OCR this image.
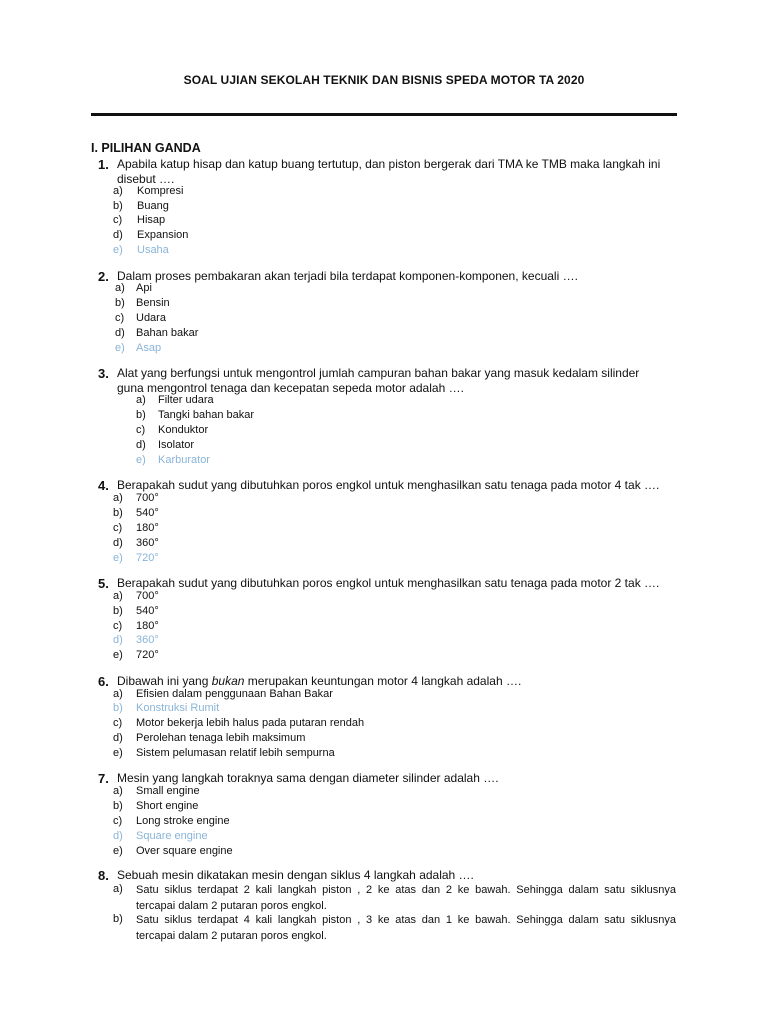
SOAL UJIAN SEKOLAH TEKNIK DAN BISNIS SPEDA MOTOR TA 2020
I. PILIHAN GANDA
1. Apabila katup hisap dan katup buang tertutup, dan piston bergerak dari TMA ke TMB maka langkah ini disebut ….
a) Kompresi
b) Buang
c) Hisap
d) Expansion
e) Usaha
2. Dalam proses pembakaran akan terjadi bila terdapat komponen-komponen, kecuali ….
a) Api
b) Bensin
c) Udara
d) Bahan bakar
e) Asap
3. Alat yang berfungsi untuk mengontrol jumlah campuran bahan bakar yang masuk kedalam silinder
guna mengontrol tenaga dan kecepatan sepeda motor adalah ….
a) Filter udara
b) Tangki bahan bakar
c) Konduktor
d) Isolator
e) Karburator
4. Berapakah sudut yang dibutuhkan poros engkol untuk menghasilkan satu tenaga pada motor 4 tak ….
a) 700°
b) 540°
c) 180°
d) 360°
e) 720°
5. Berapakah sudut yang dibutuhkan poros engkol untuk menghasilkan satu tenaga pada motor 2 tak ….
a) 700°
b) 540°
c) 180°
d) 360°
e) 720°
6. Dibawah ini yang bukan merupakan keuntungan motor 4 langkah adalah ….
a) Efisien dalam penggunaan Bahan Bakar
b) Konstruksi Rumit
c) Motor bekerja lebih halus pada putaran rendah
d) Perolehan tenaga lebih maksimum
e) Sistem pelumasan relatif lebih sempurna
7. Mesin yang langkah toraknya sama dengan diameter silinder adalah ….
a) Small engine
b) Short engine
c) Long stroke engine
d) Square engine
e) Over square engine
8. Sebuah mesin dikatakan mesin dengan siklus 4 langkah adalah ….
a)	Satu siklus terdapat 2 kali langkah piston , 2 ke atas dan 2 ke bawah. Sehingga dalam satu siklusnya
tercapai dalam 2 putaran poros engkol.
b)	Satu siklus terdapat 4 kali langkah piston , 3 ke atas dan 1 ke bawah. Sehingga dalam satu siklusnya
tercapai dalam 2 putaran poros engkol.
